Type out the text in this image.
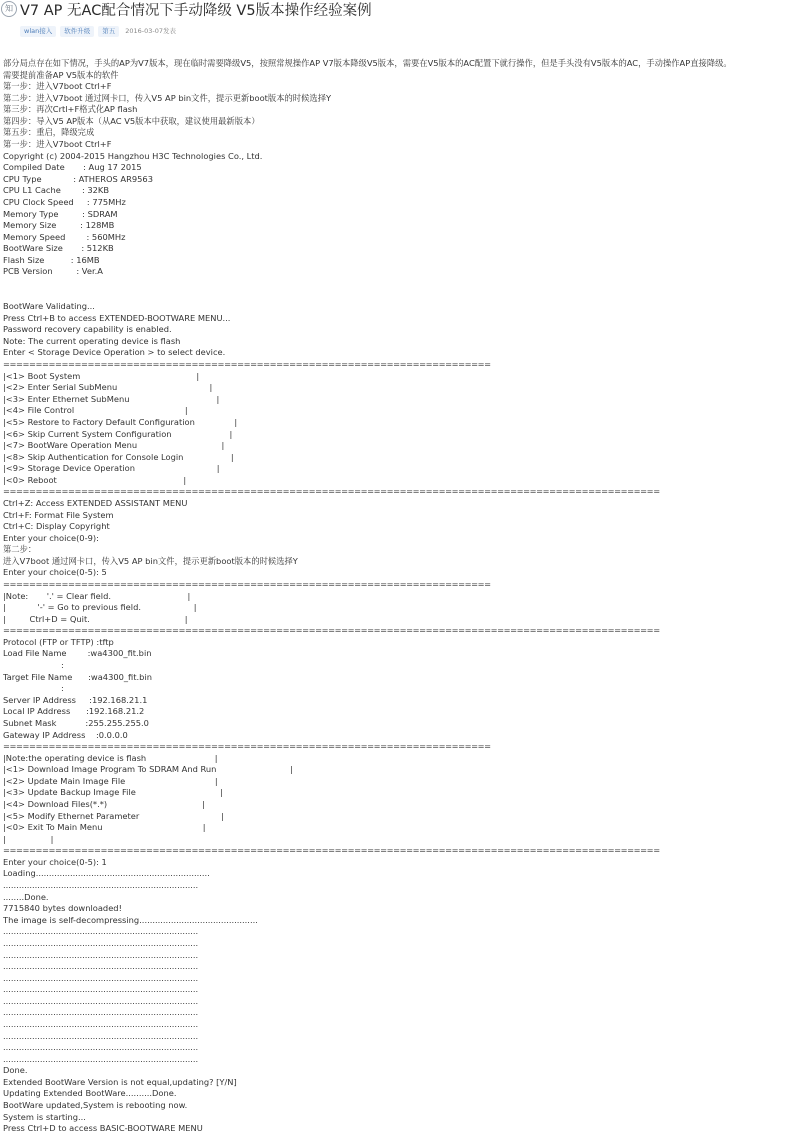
知 V7 AP 无AC配合情况下手动降级 V5版本操作经验案例
wlan接入	软件升级	第五	2016-03-07发表
部分局点存在如下情况，手头的AP为V7版本，现在临时需要降级V5，按照常规操作AP V7版本降级V5版本，需要在V5版本的AC配置下就行操作，但是手头没有V5版本的AC，手动操作AP直接降级。
需要提前准备AP V5版本的软件
第一步：进入V7boot Ctrl+F
第二步：进入V7boot 通过网卡口，传入V5 AP bin文件，提示更新boot版本的时候选择Y
第三步：再次Crtl+F格式化AP flash
第四步：导入V5 AP版本（从AC V5版本中获取，建议使用最新版本）
第五步：重启，降级完成
第一步：进入V7boot Ctrl+F
Copyright (c) 2004-2015 Hangzhou H3C Technologies Co., Ltd.
Compiled Date       : Aug 17 2015
CPU Type            : ATHEROS AR9563
CPU L1 Cache        : 32KB
CPU Clock Speed     : 775MHz
Memory Type         : SDRAM
Memory Size         : 128MB
Memory Speed        : 560MHz
BootWare Size       : 512KB
Flash Size          : 16MB
PCB Version         : Ver.A
BootWare Validating...
Press Ctrl+B to access EXTENDED-BOOTWARE MENU...
Password recovery capability is enabled.
Note: The current operating device is flash
Enter < Storage Device Operation > to select device.
===========================================================================
|<1> Boot System                                            |
|<2> Enter Serial SubMenu                                   |
|<3> Enter Ethernet SubMenu                                 |
|<4> File Control                                          |
|<5> Restore to Factory Default Configuration               |
|<6> Skip Current System Configuration                      |
|<7> BootWare Operation Menu                                |
|<8> Skip Authentication for Console Login                  |
|<9> Storage Device Operation                               |
|<0> Reboot                                                |
=====================================================================================================
Ctrl+Z: Access EXTENDED ASSISTANT MENU
Ctrl+F: Format File System
Ctrl+C: Display Copyright
Enter your choice(0-9):
第二步：
进入V7boot 通过网卡口，传入V5 AP bin文件，提示更新boot版本的时候选择Y
Enter your choice(0-5): 5
===========================================================================
|Note:       '.' = Clear field.                             |
|            '-' = Go to previous field.                    |
|         Ctrl+D = Quit.                                    |
=====================================================================================================
Protocol (FTP or TFTP) :tftp
Load File Name        :wa4300_fit.bin
:
Target File Name      :wa4300_fit.bin
:
Server IP Address     :192.168.21.1
Local IP Address      :192.168.21.2
Subnet Mask           :255.255.255.0
Gateway IP Address    :0.0.0.0
===========================================================================
|Note:the operating device is flash                          |
|<1> Download Image Program To SDRAM And Run                            |
|<2> Update Main Image File                                  |
|<3> Update Backup Image File                                |
|<4> Download Files(*.*)                                    |
|<5> Modify Ethernet Parameter                               |
|<0> Exit To Main Menu                                      |
|                 |
=====================================================================================================
Enter your choice(0-5): 1
Loading..................................................................
..........................................................................
........Done.
7715840 bytes downloaded!
The image is self-decompressing.............................................
..........................................................................
..........................................................................
..........................................................................
..........................................................................
..........................................................................
..........................................................................
..........................................................................
..........................................................................
..........................................................................
..........................................................................
..........................................................................
..........................................................................
Done.
Extended BootWare Version is not equal,updating? [Y/N]
Updating Extended BootWare..........Done.
BootWare updated,System is rebooting now.
System is starting...
Press Ctrl+D to access BASIC-BOOTWARE MENU
